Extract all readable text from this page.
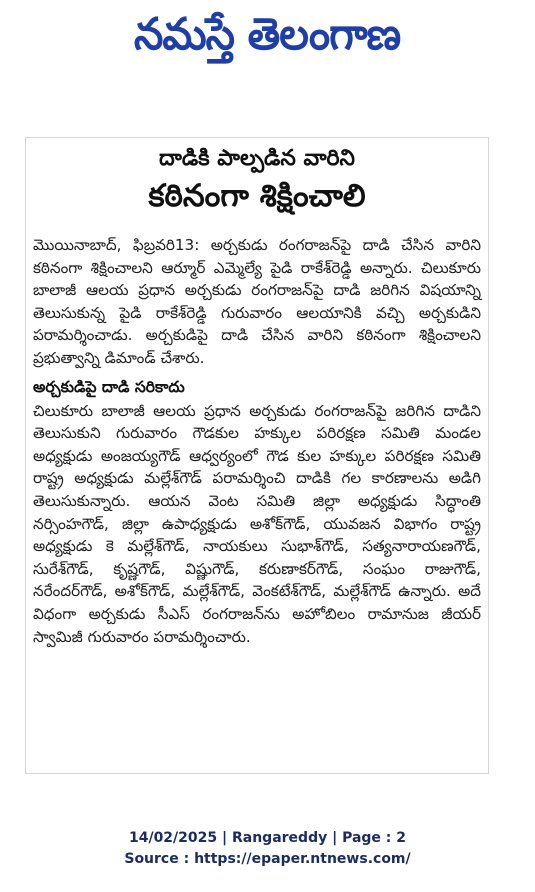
నమస్తే తెలంగాణ
దాడికి పాల్పడిన వారిని
కఠినంగా శిక్షించాలి

మొయినాబాద్, ఫిబ్రవరి13: అర్చకుడు రంగరాజన్‌పై దాడి చేసిన వారిని కఠినంగా శిక్షించాలని ఆర్మూర్ ఎమ్మెల్యే పైడి రాకేశ్‌రెడ్డి అన్నారు. చిలుకూరు బాలాజీ ఆలయ ప్రధాన అర్చకుడు రంగరాజన్‌పై దాడి జరిగిన విషయాన్ని తెలుసుకున్న పైడి రాకేశ్‌రెడ్డి గురువారం ఆలయానికి వచ్చి అర్చకుడిని పరామర్శించాడు. అర్చకుడిపై దాడి చేసిన వారిని కఠినంగా శిక్షించాలని ప్రభుత్వాన్ని డిమాండ్ చేశారు.

అర్చకుడిపై దాడి సరికాదు

చిలుకూరు బాలాజీ ఆలయ ప్రధాన అర్చకుడు రంగరాజన్‌పై జరిగిన దాడిని తెలుసుకుని గురువారం గౌడకుల హక్కుల పరిరక్షణ సమితి మండల అధ్యక్షుడు అంజయ్యగౌడ్ ఆధ్వర్యంలో గౌడ కుల హక్కుల పరిరక్షణ సమితి రాష్ట్ర అధ్యక్షుడు మల్లేశ్‌గౌడ్ పరామర్శించి దాడికి గల కారణాలను అడిగి తెలుసుకున్నారు. ఆయన వెంట సమితి జిల్లా అధ్యక్షుడు సిద్ధాంతి నర్సింహగౌడ్, జిల్లా ఉపాధ్యక్షుడు అశోక్‌గౌడ్, యువజన విభాగం రాష్ట్ర అధ్యక్షుడు కె మల్లేశ్‌గౌడ్, నాయకులు సుభాశ్‌గౌడ్, సత్యనారాయణగౌడ్, సురేశ్‌గౌడ్, కృష్ణగౌడ్, విష్ణుగౌడ్, కరుణాకర్‌గౌడ్, సంఘం రాజుగౌడ్, నరేందర్‌గౌడ్, అశోక్‌గౌడ్, మల్లేశ్‌గౌడ్, వెంకటేశ్‌గౌడ్, మల్లేశ్‌గౌడ్ ఉన్నారు. అదే విధంగా అర్చకుడు సీఎస్ రంగరాజన్‌ను అహోబిలం రామానుజ జీయర్ స్వామిజీ గురువారం పరామర్శించారు.

14/02/2025 | Rangareddy | Page : 2
Source : https://epaper.ntnews.com/
